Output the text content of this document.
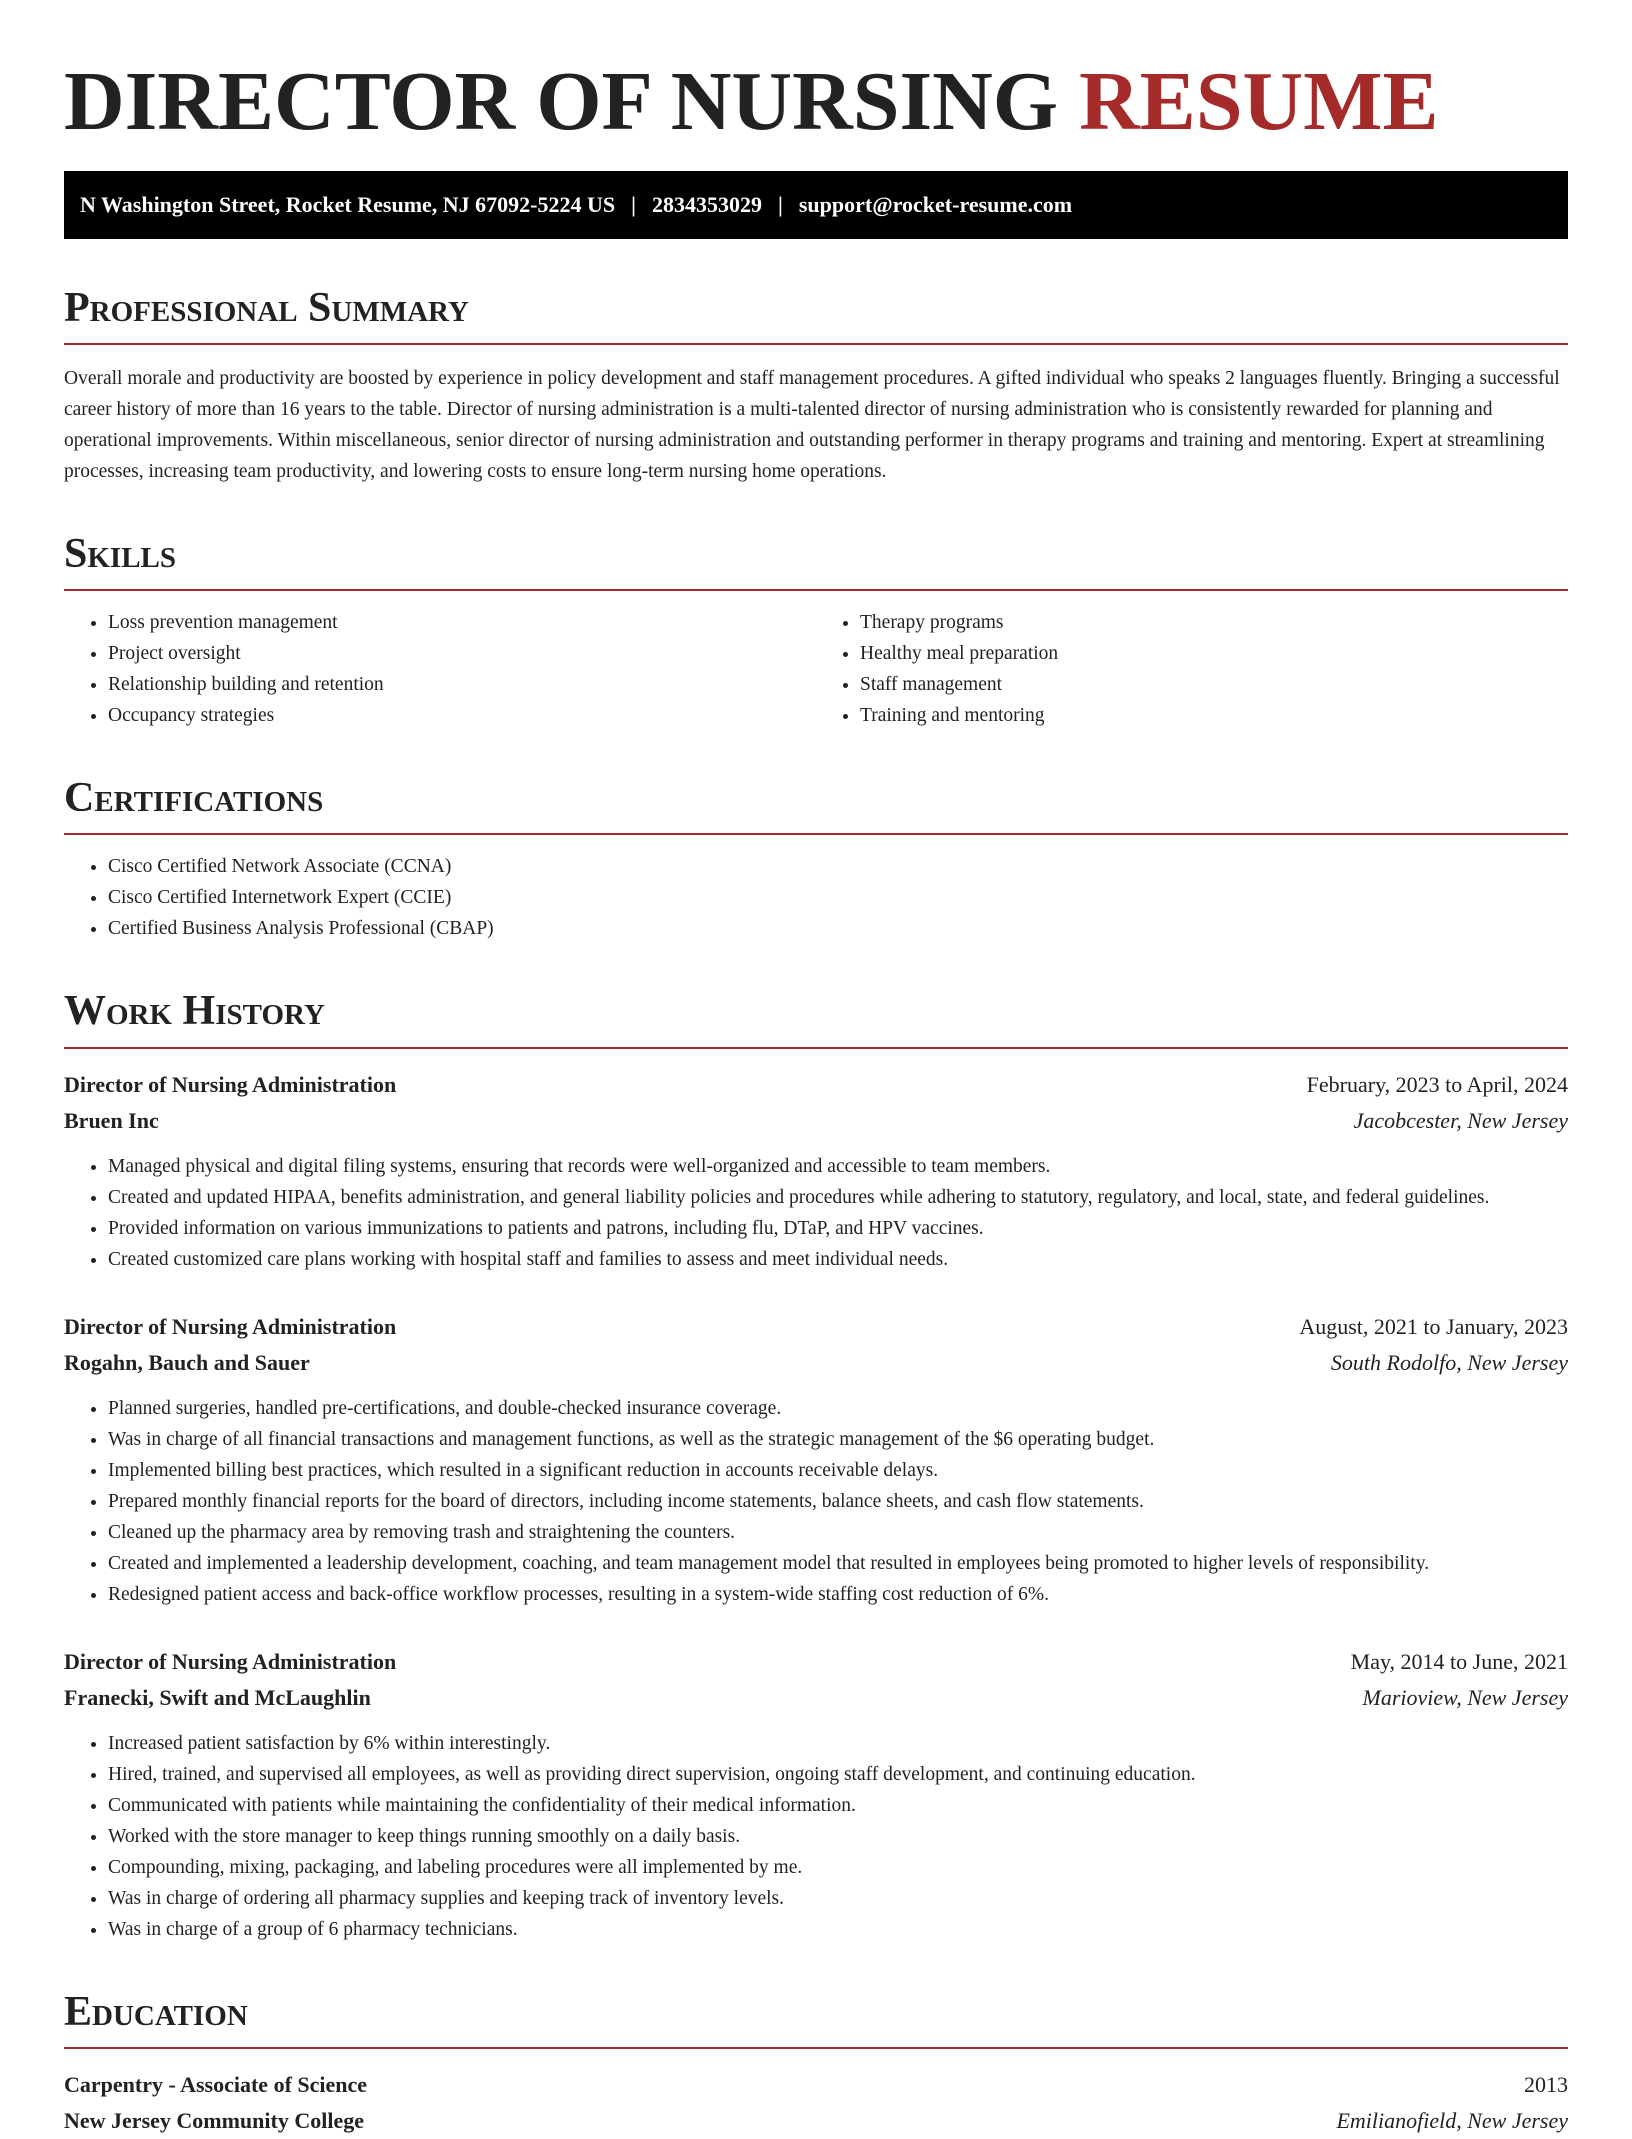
DIRECTOR OF NURSING RESUME
N Washington Street, Rocket Resume, NJ 67092-5224 US | 2834353029 | support@rocket-resume.com
Professional Summary

Overall morale and productivity are boosted by experience in policy development and staff management procedures. A gifted individual who speaks 2 languages fluently. Bringing a successful career history of more than 16 years to the table. Director of nursing administration is a multi-talented director of nursing administration who is consistently rewarded for planning and operational improvements. Within miscellaneous, senior director of nursing administration and outstanding performer in therapy programs and training and mentoring. Expert at streamlining processes, increasing team productivity, and lowering costs to ensure long-term nursing home operations.

Skills
• Loss prevention management
• Project oversight
• Relationship building and retention
• Occupancy strategies
• Therapy programs
• Healthy meal preparation
• Staff management
• Training and mentoring
Certifications
• Cisco Certified Network Associate (CCNA)
• Cisco Certified Internetwork Expert (CCIE)
• Certified Business Analysis Professional (CBAP)
Work History
Director of Nursing Administration	February, 2023 to April, 2024
Bruen Inc	Jacobcester, New Jersey
• Managed physical and digital filing systems, ensuring that records were well-organized and accessible to team members.
• Created and updated HIPAA, benefits administration, and general liability policies and procedures while adhering to statutory, regulatory, and local, state, and federal guidelines.
• Provided information on various immunizations to patients and patrons, including flu, DTaP, and HPV vaccines.
• Created customized care plans working with hospital staff and families to assess and meet individual needs.
Director of Nursing Administration	August, 2021 to January, 2023
Rogahn, Bauch and Sauer	South Rodolfo, New Jersey
• Planned surgeries, handled pre-certifications, and double-checked insurance coverage.
• Was in charge of all financial transactions and management functions, as well as the strategic management of the $6 operating budget.
• Implemented billing best practices, which resulted in a significant reduction in accounts receivable delays.
• Prepared monthly financial reports for the board of directors, including income statements, balance sheets, and cash flow statements.
• Cleaned up the pharmacy area by removing trash and straightening the counters.
• Created and implemented a leadership development, coaching, and team management model that resulted in employees being promoted to higher levels of responsibility.
• Redesigned patient access and back-office workflow processes, resulting in a system-wide staffing cost reduction of 6%.
Director of Nursing Administration	May, 2014 to June, 2021
Franecki, Swift and McLaughlin	Marioview, New Jersey
• Increased patient satisfaction by 6% within interestingly.
• Hired, trained, and supervised all employees, as well as providing direct supervision, ongoing staff development, and continuing education.
• Communicated with patients while maintaining the confidentiality of their medical information.
• Worked with the store manager to keep things running smoothly on a daily basis.
• Compounding, mixing, packaging, and labeling procedures were all implemented by me.
• Was in charge of ordering all pharmacy supplies and keeping track of inventory levels.
• Was in charge of a group of 6 pharmacy technicians.
Education
Carpentry - Associate of Science	2013
New Jersey Community College	Emilianofield, New Jersey
